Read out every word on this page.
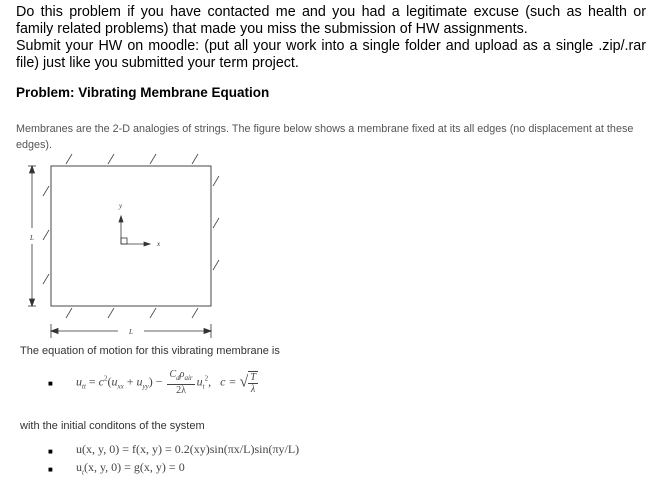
Do this problem if you have contacted me and you had a legitimate excuse (such as health or family related problems) that made you miss the submission of HW assignments.

Submit your HW on moodle: (put all your work into a single folder and upload as a single .zip/.rar file) just like you submitted your term project.

Problem: Vibrating Membrane Equation
Membranes are the 2-D analogies of strings. The figure below shows a membrane fixed at its all edges (no displacement at these edges).
L
y
x
L
The equation of motion for this vibrating membrane is
■ $u_{tt} = c^2(u_{xx} + u_{yy}) - \frac{C_d\rho_{air}}{2\lambda} u_t^2$,   c = √ $\frac{T}{\lambda}$
with the initial conditons of the system
■ u(x, y, 0) = f(x, y) = 0.2(xy)sin(πx/L)sin(πy/L)
■ $u_t(x$, y, 0) = g(x, y) = 0
